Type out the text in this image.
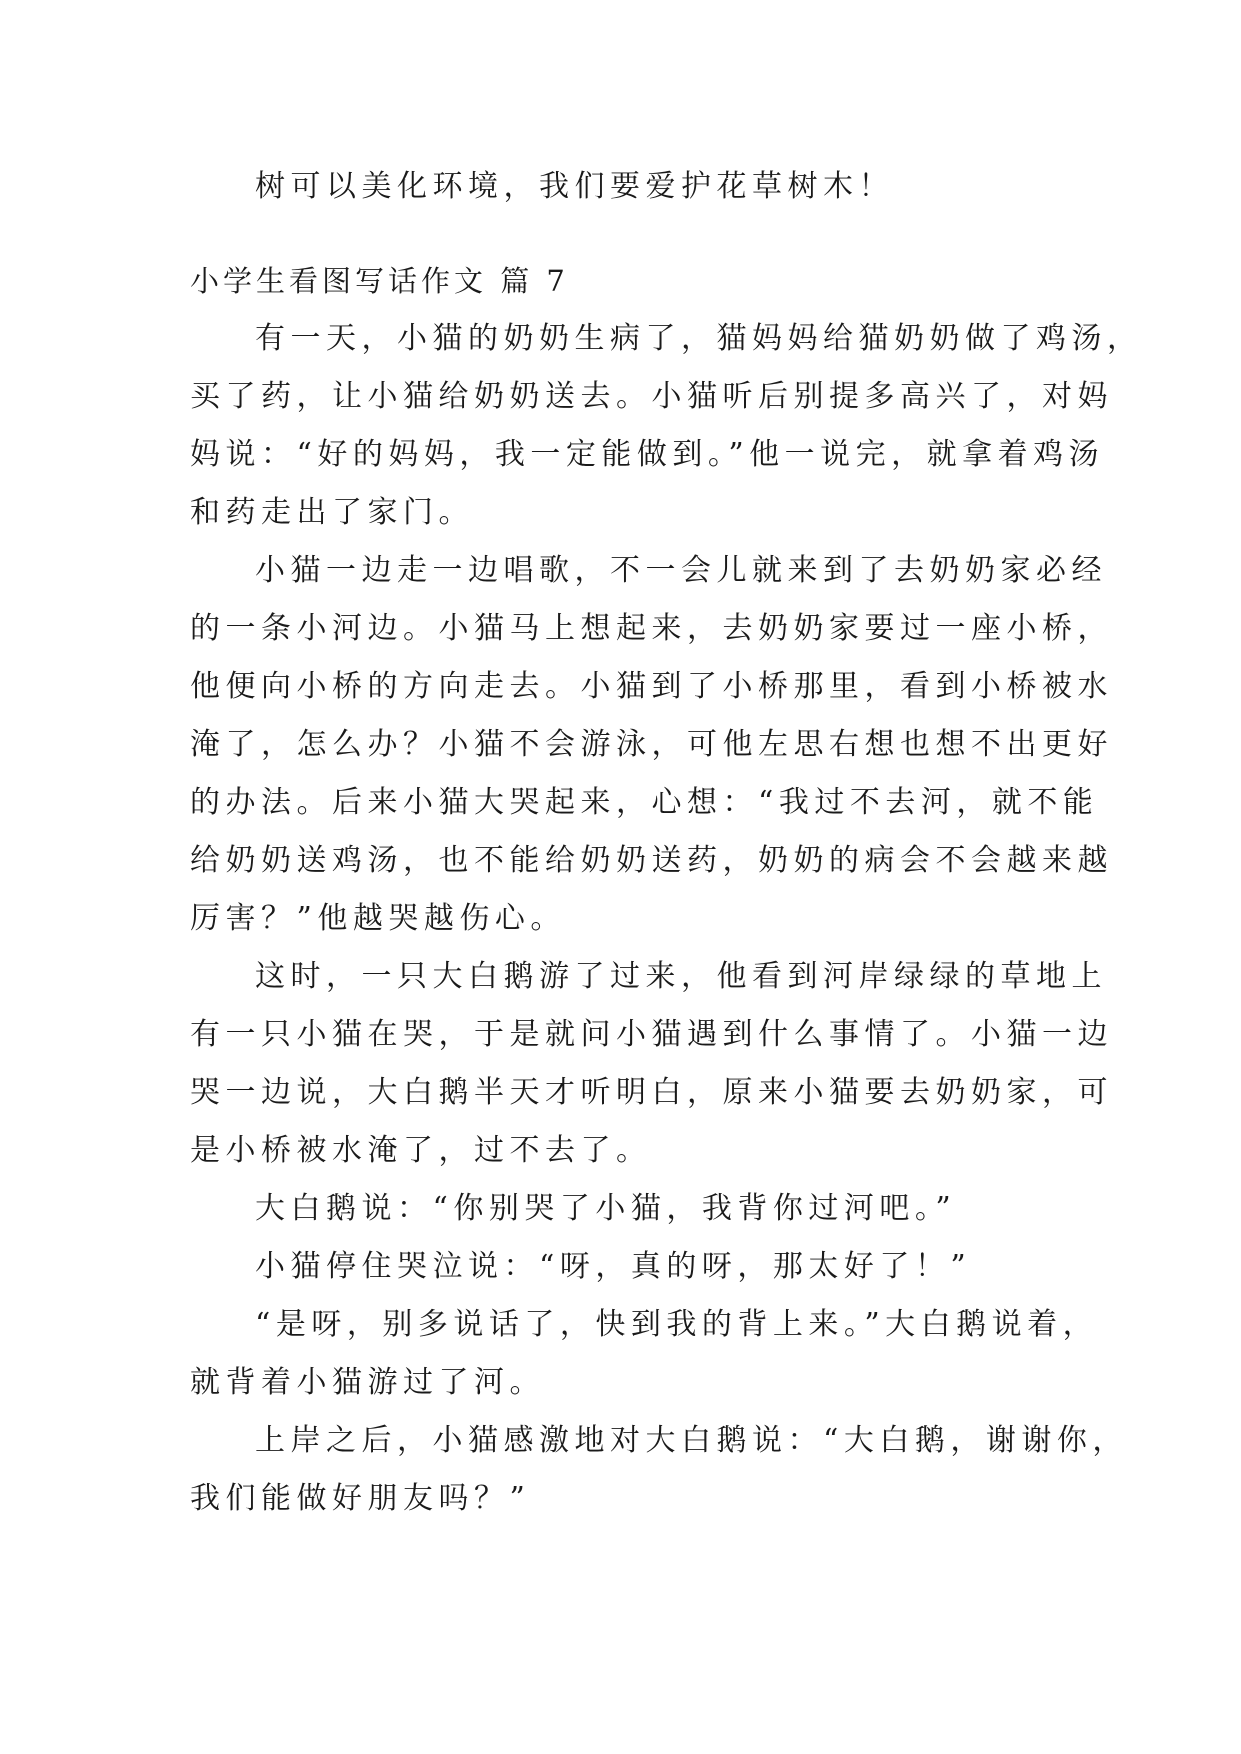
树可以美化环境，我们要爱护花草树木！

小学生看图写话作文 篇 7

有一天，小猫的奶奶生病了，猫妈妈给猫奶奶做了鸡汤，

买了药，让小猫给奶奶送去。小猫听后别提多高兴了，对妈

妈说：“好的妈妈，我一定能做到。”他一说完，就拿着鸡汤

和药走出了家门。

小猫一边走一边唱歌，不一会儿就来到了去奶奶家必经

的一条小河边。小猫马上想起来，去奶奶家要过一座小桥，

他便向小桥的方向走去。小猫到了小桥那里，看到小桥被水

淹了，怎么办？小猫不会游泳，可他左思右想也想不出更好

的办法。后来小猫大哭起来，心想：“我过不去河，就不能

给奶奶送鸡汤，也不能给奶奶送药，奶奶的病会不会越来越

厉害？”他越哭越伤心。

这时，一只大白鹅游了过来，他看到河岸绿绿的草地上

有一只小猫在哭，于是就问小猫遇到什么事情了。小猫一边

哭一边说，大白鹅半天才听明白，原来小猫要去奶奶家，可

是小桥被水淹了，过不去了。

大白鹅说：“你别哭了小猫，我背你过河吧。”

小猫停住哭泣说：“呀，真的呀，那太好了！”

“是呀，别多说话了，快到我的背上来。”大白鹅说着，

就背着小猫游过了河。

上岸之后，小猫感激地对大白鹅说：“大白鹅，谢谢你，

我们能做好朋友吗？”
